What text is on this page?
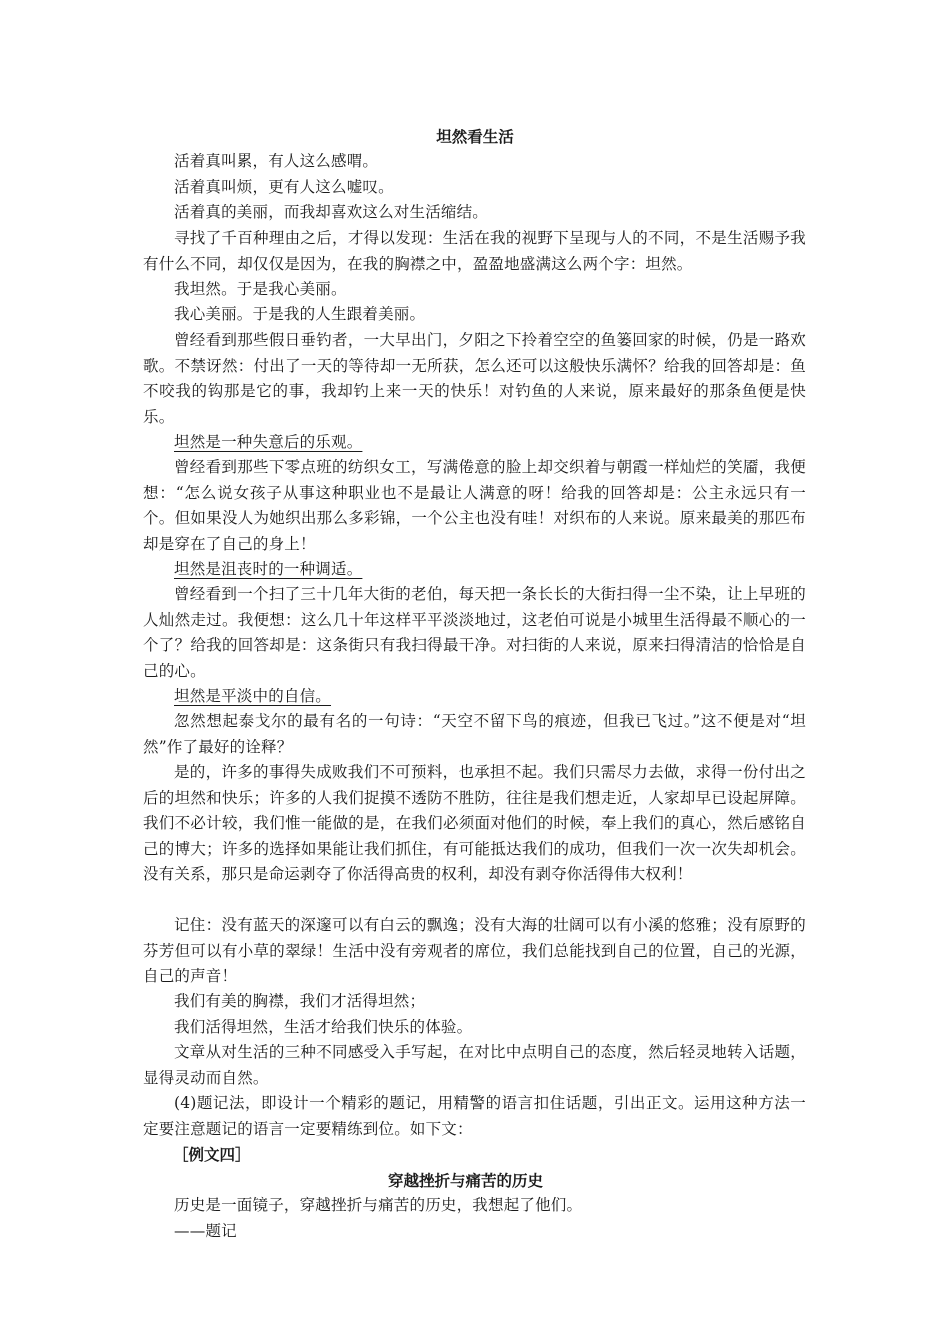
坦然看生活
活着真叫累，有人这么感喟。
活着真叫烦，更有人这么嘘叹。
活着真的美丽，而我却喜欢这么对生活缩结。
寻找了千百种理由之后，才得以发现：生活在我的视野下呈现与人的不同，不是生活赐予我有什么不同，却仅仅是因为，在我的胸襟之中，盈盈地盛满这么两个字：坦然。
我坦然。于是我心美丽。
我心美丽。于是我的人生跟着美丽。
曾经看到那些假日垂钓者，一大早出门，夕阳之下拎着空空的鱼篓回家的时候，仍是一路欢歌。不禁讶然：付出了一天的等待却一无所获，怎么还可以这般快乐满怀？给我的回答却是：鱼不咬我的钩那是它的事，我却钓上来一天的快乐！对钓鱼的人来说，原来最好的那条鱼便是快乐。
坦然是一种失意后的乐观。
曾经看到那些下零点班的纺织女工，写满倦意的脸上却交织着与朝霞一样灿烂的笑靥，我便想：“怎么说女孩子从事这种职业也不是最让人满意的呀！给我的回答却是：公主永远只有一个。但如果没人为她织出那么多彩锦，一个公主也没有哇！对织布的人来说。原来最美的那匹布却是穿在了自己的身上！
坦然是沮丧时的一种调适。
曾经看到一个扫了三十几年大街的老伯，每天把一条长长的大街扫得一尘不染，让上早班的人灿然走过。我便想：这么几十年这样平平淡淡地过，这老伯可说是小城里生活得最不顺心的一个了？给我的回答却是：这条街只有我扫得最干净。对扫街的人来说，原来扫得清洁的恰恰是自己的心。
坦然是平淡中的自信。
忽然想起泰戈尔的最有名的一句诗：“天空不留下鸟的痕迹，但我已飞过。”这不便是对“坦然”作了最好的诠释？
是的，许多的事得失成败我们不可预料，也承担不起。我们只需尽力去做，求得一份付出之后的坦然和快乐；许多的人我们捉摸不透防不胜防，往往是我们想走近，人家却早已设起屏障。我们不必计较，我们惟一能做的是，在我们必须面对他们的时候，奉上我们的真心，然后感铭自己的博大；许多的选择如果能让我们抓住，有可能抵达我们的成功，但我们一次一次失却机会。没有关系，那只是命运剥夺了你活得高贵的权利，却没有剥夺你活得伟大权利！
记住：没有蓝天的深邃可以有白云的飘逸；没有大海的壮阔可以有小溪的悠雅；没有原野的芬芳但可以有小草的翠绿！生活中没有旁观者的席位，我们总能找到自己的位置，自己的光源，自己的声音！
我们有美的胸襟，我们才活得坦然；
我们活得坦然，生活才给我们快乐的体验。
文章从对生活的三种不同感受入手写起，在对比中点明自己的态度，然后轻灵地转入话题，显得灵动而自然。
(4)题记法，即设计一个精彩的题记，用精警的语言扣住话题，引出正文。运用这种方法一定要注意题记的语言一定要精练到位。如下文：
［例文四］
穿越挫折与痛苦的历史
历史是一面镜子，穿越挫折与痛苦的历史，我想起了他们。
——题记
